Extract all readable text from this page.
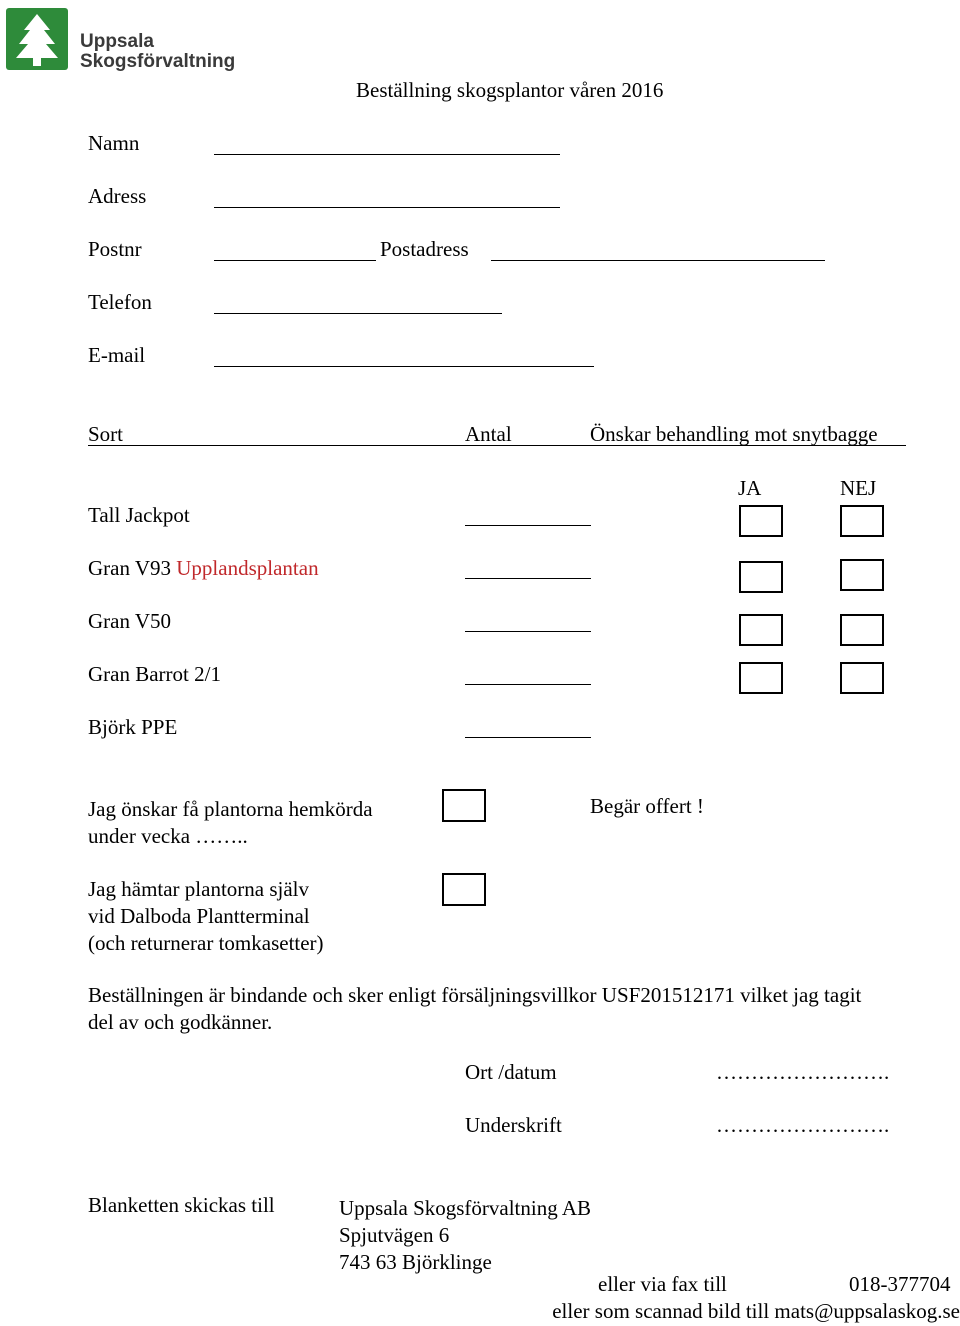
Uppsala
Skogsförvaltning
Beställning skogsplantor våren 2016
Namn
Adress
Postnr	Postadress
Telefon
E-mail
Sort	Antal	Önskar behandling mot snytbagge
JA	NEJ
Tall Jackpot
Gran V93 Upplandsplantan
Gran V50
Gran Barrot 2/1
Björk PPE
Jag önskar få plantorna hemkörda
under vecka ……..
Begär offert !
Jag hämtar plantorna själv
vid Dalboda Plantterminal
(och returnerar tomkasetter)
Beställningen är bindande och sker enligt försäljningsvillkor USF201512171 vilket jag tagit
del av och godkänner.
Ort /datum	…………………….
Underskrift	…………………….
Blanketten skickas till	Uppsala Skogsförvaltning AB
Spjutvägen 6
743 63 Björklinge
eller via fax till	018-377704
eller som scannad bild till mats@uppsalaskog.se
